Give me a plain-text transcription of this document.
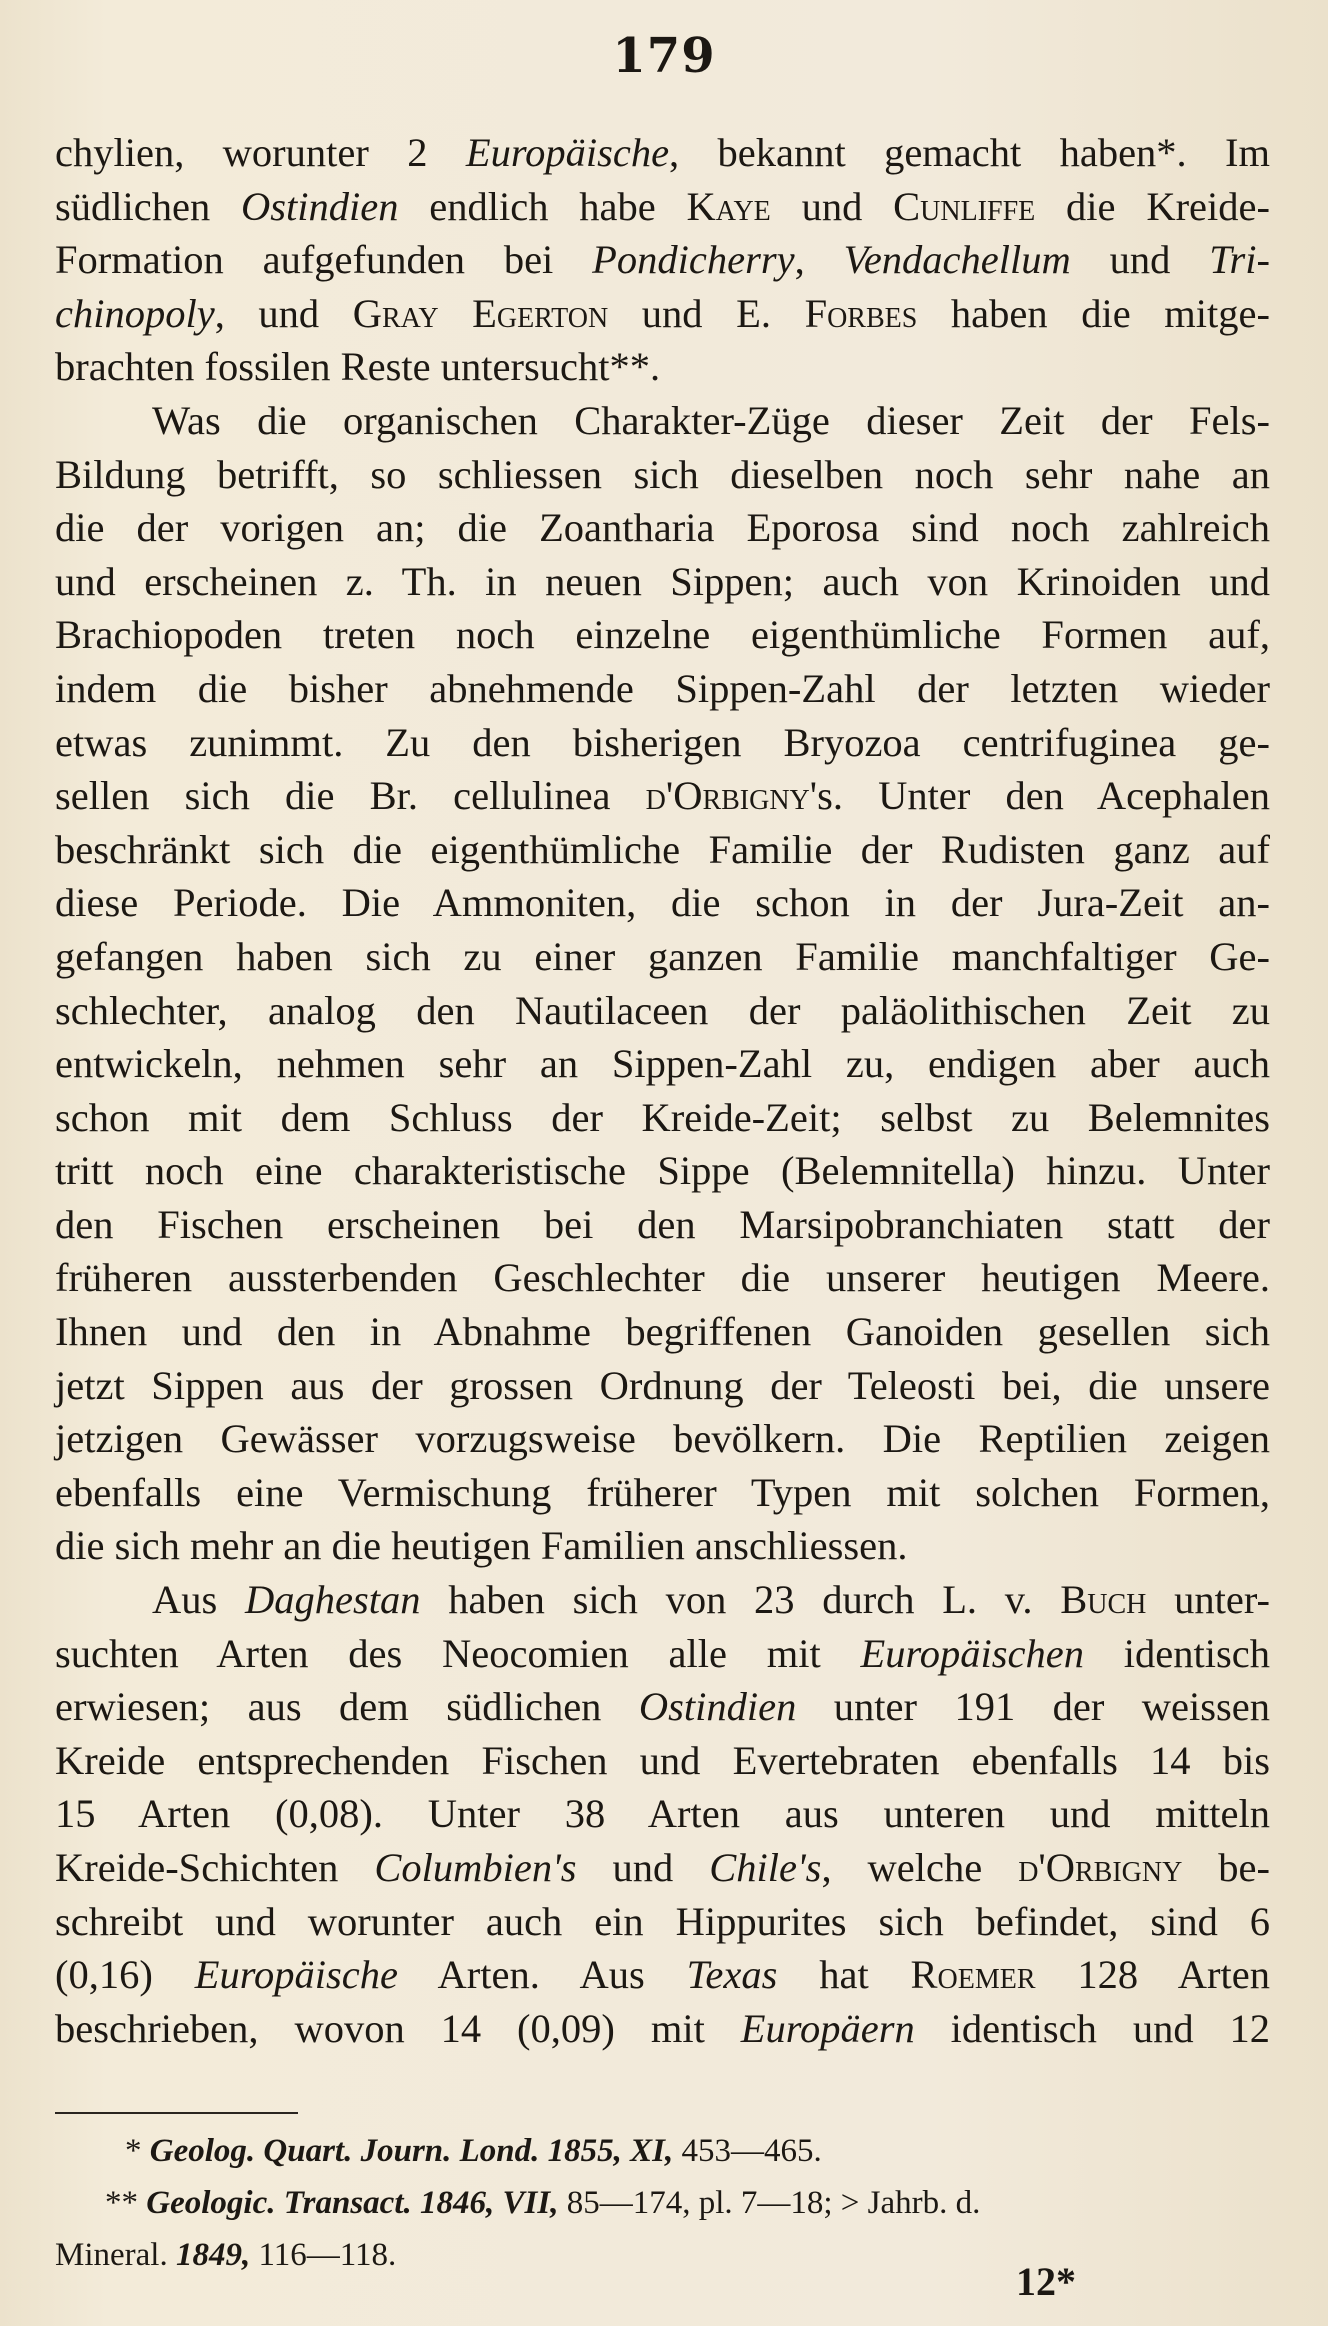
179
chylien, worunter 2 Europäische, bekannt gemacht haben*. Im
südlichen Ostindien endlich habe Kaye und Cunliffe die Kreide-
Formation aufgefunden bei Pondicherry, Vendachellum und Tri-
chinopoly, und Gray Egerton und E. Forbes haben die mitge-
brachten fossilen Reste untersucht**.
Was die organischen Charakter-Züge dieser Zeit der Fels-
Bildung betrifft, so schliessen sich dieselben noch sehr nahe an
die der vorigen an; die Zoantharia Eporosa sind noch zahlreich
und erscheinen z. Th. in neuen Sippen; auch von Krinoiden und
Brachiopoden treten noch einzelne eigenthümliche Formen auf,
indem die bisher abnehmende Sippen-Zahl der letzten wieder
etwas zunimmt. Zu den bisherigen Bryozoa centrifuginea ge-
sellen sich die Br. cellulinea d'Orbigny's. Unter den Acephalen
beschränkt sich die eigenthümliche Familie der Rudisten ganz auf
diese Periode. Die Ammoniten, die schon in der Jura-Zeit an-
gefangen haben sich zu einer ganzen Familie manchfaltiger Ge-
schlechter, analog den Nautilaceen der paläolithischen Zeit zu
entwickeln, nehmen sehr an Sippen-Zahl zu, endigen aber auch
schon mit dem Schluss der Kreide-Zeit; selbst zu Belemnites
tritt noch eine charakteristische Sippe (Belemnitella) hinzu. Unter
den Fischen erscheinen bei den Marsipobranchiaten statt der
früheren aussterbenden Geschlechter die unserer heutigen Meere.
Ihnen und den in Abnahme begriffenen Ganoiden gesellen sich
jetzt Sippen aus der grossen Ordnung der Teleosti bei, die unsere
jetzigen Gewässer vorzugsweise bevölkern. Die Reptilien zeigen
ebenfalls eine Vermischung früherer Typen mit solchen Formen,
die sich mehr an die heutigen Familien anschliessen.
Aus Daghestan haben sich von 23 durch L. v. Buch unter-
suchten Arten des Neocomien alle mit Europäischen identisch
erwiesen; aus dem südlichen Ostindien unter 191 der weissen
Kreide entsprechenden Fischen und Evertebraten ebenfalls 14 bis
15 Arten (0,08). Unter 38 Arten aus unteren und mitteln
Kreide-Schichten Columbien's und Chile's, welche d'Orbigny be-
schreibt und worunter auch ein Hippurites sich befindet, sind 6
(0,16) Europäische Arten. Aus Texas hat Roemer 128 Arten
beschrieben, wovon 14 (0,09) mit Europäern identisch und 12
* Geolog. Quart. Journ. Lond. 1855, XI, 453—465.
** Geologic. Transact. 1846, VII, 85—174, pl. 7—18; > Jahrb. d.
Mineral. 1849, 116—118.
12*
